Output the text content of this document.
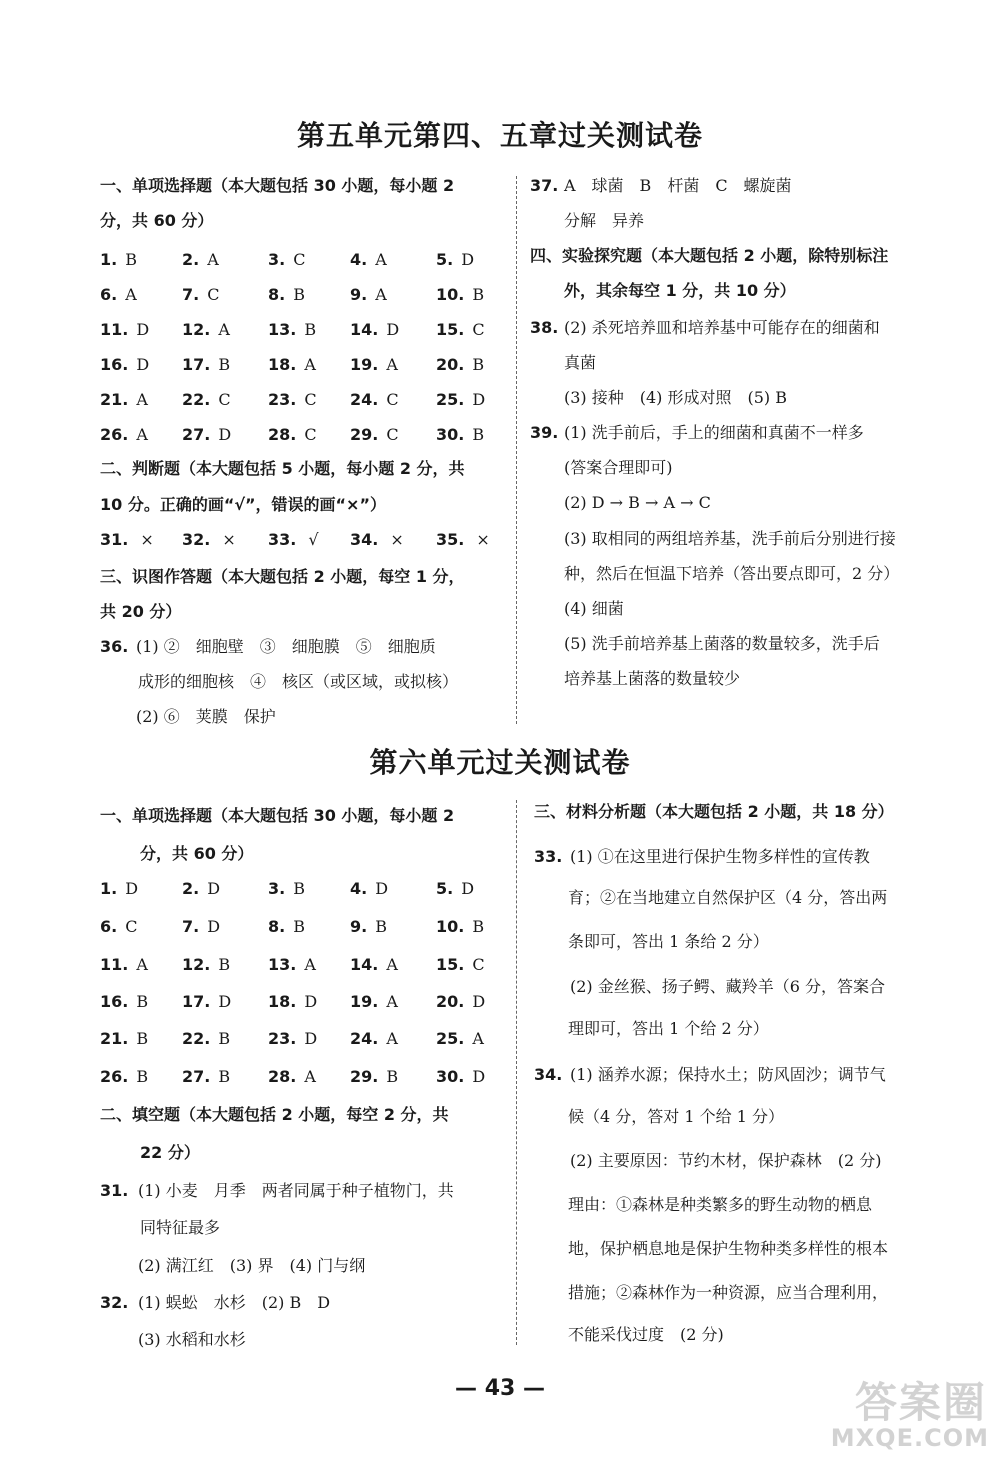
第五单元第四、五章过关测试卷
一、单项选择题（本大题包括 30 小题，每小题 2
分，共 60 分）
1. B	2. A	3. C	4. A	5. D
6. A	7. C	8. B	9. A	10. B
11. D 12. A 13. B 14. D 15. C
16. D 17. B 18. A 19. A 20. B
21. A 22. C 23. C 24. C 25. D
26. A 27. D 28. C 29. C 30. B
二、判断题（本大题包括 5 小题，每小题 2 分，共
10 分。正确的画“√”，错误的画“×”）
31. × 32. × 33. √ 34. × 35. ×
三、识图作答题（本大题包括 2 小题，每空 1 分，
共 20 分）
36. (1) ②　细胞壁　③　细胞膜　⑤　细胞质
成形的细胞核　④　核区（或区域，或拟核）
(2) ⑥　荚膜　保护
37. A　球菌　B　杆菌　C　螺旋菌
分解　异养
四、实验探究题（本大题包括 2 小题，除特别标注
外，其余每空 1 分，共 10 分）
38. (2) 杀死培养皿和培养基中可能存在的细菌和
真菌
(3) 接种　(4) 形成对照　(5) B
39. (1) 洗手前后，手上的细菌和真菌不一样多
(答案合理即可)
(2) D → B → A → C
(3) 取相同的两组培养基，洗手前后分别进行接
种，然后在恒温下培养（答出要点即可，2 分）
(4) 细菌
(5) 洗手前培养基上菌落的数量较多，洗手后
培养基上菌落的数量较少
第六单元过关测试卷
一、单项选择题（本大题包括 30 小题，每小题 2
分，共 60 分）
1. D	2. D	3. B	4. D	5. D
6. C	7. D	8. B	9. B	10. B
11. A 12. B 13. A 14. A 15. C
16. B 17. D 18. D 19. A 20. D
21. B 22. B 23. D 24. A 25. A
26. B 27. B 28. A 29. B 30. D
二、填空题（本大题包括 2 小题，每空 2 分，共
22 分）
31. (1) 小麦　月季　两者同属于种子植物门，共
同特征最多
(2) 满江红　(3) 界　(4) 门与纲
32. (1) 蜈蚣　水杉　(2) B　D
(3) 水稻和水杉
三、材料分析题（本大题包括 2 小题，共 18 分）
33. (1) ①在这里进行保护生物多样性的宣传教
育；②在当地建立自然保护区（4 分，答出两
条即可，答出 1 条给 2 分）
(2) 金丝猴、扬子鳄、藏羚羊（6 分，答案合
理即可，答出 1 个给 2 分）
34. (1) 涵养水源；保持水土；防风固沙；调节气
候（4 分，答对 1 个给 1 分）
(2) 主要原因：节约木材，保护森林　(2 分)
理由：①森林是种类繁多的野生动物的栖息
地，保护栖息地是保护生物种类多样性的根本
措施；②森林作为一种资源，应当合理利用，
不能采伐过度　(2 分)
— 43 —	答案圈
MXQE.COM
